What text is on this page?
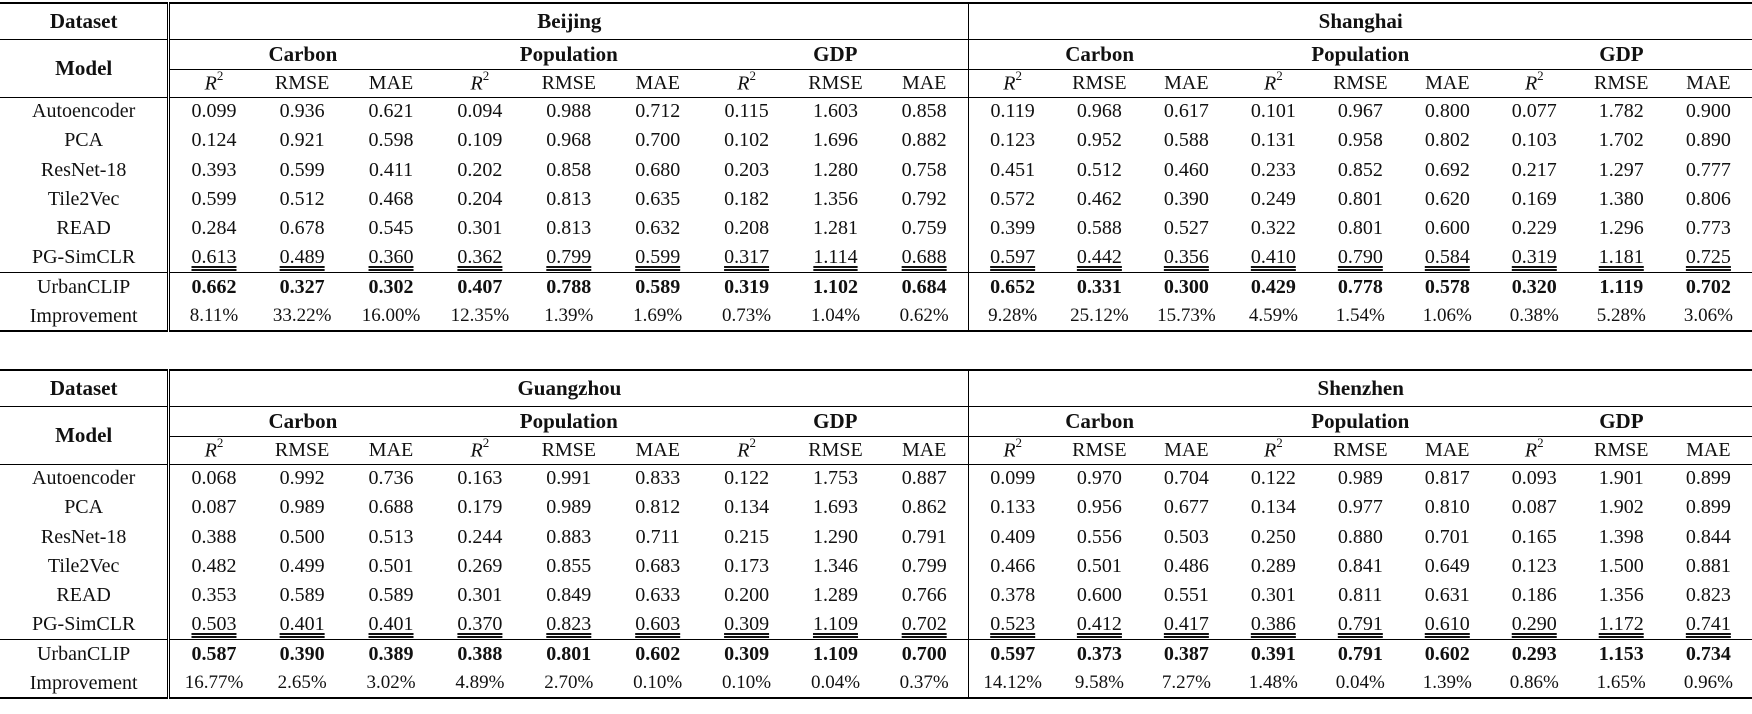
Dataset	Beijing									Shanghai								
Model	Carbon			Population			GDP			Carbon			Population			GDP		
	$R^2$	RMSE	MAE	$R^2$	RMSE	MAE	$R^2$	RMSE	MAE	$R^2$	RMSE	MAE	$R^2$	RMSE	MAE	$R^2$	RMSE	MAE
Autoencoder	0.099	0.936	0.621	0.094	0.988	0.712	0.115	1.603	0.858	0.119	0.968	0.617	0.101	0.967	0.800	0.077	1.782	0.900
PCA	0.124	0.921	0.598	0.109	0.968	0.700	0.102	1.696	0.882	0.123	0.952	0.588	0.131	0.958	0.802	0.103	1.702	0.890
ResNet-18	0.393	0.599	0.411	0.202	0.858	0.680	0.203	1.280	0.758	0.451	0.512	0.460	0.233	0.852	0.692	0.217	1.297	0.777
Tile2Vec	0.599	0.512	0.468	0.204	0.813	0.635	0.182	1.356	0.792	0.572	0.462	0.390	0.249	0.801	0.620	0.169	1.380	0.806
READ	0.284	0.678	0.545	0.301	0.813	0.632	0.208	1.281	0.759	0.399	0.588	0.527	0.322	0.801	0.600	0.229	1.296	0.773
PG-SimCLR	0.613	0.489	0.360	0.362	0.799	0.599	0.317	1.114	0.688	0.597	0.442	0.356	0.410	0.790	0.584	0.319	1.181	0.725
UrbanCLIP	0.662	0.327	0.302	0.407	0.788	0.589	0.319	1.102	0.684	0.652	0.331	0.300	0.429	0.778	0.578	0.320	1.119	0.702
Improvement	8.11%	33.22%	16.00%	12.35%	1.39%	1.69%	0.73%	1.04%	0.62%	9.28%	25.12%	15.73%	4.59%	1.54%	1.06%	0.38%	5.28%	3.06%
Dataset	Guangzhou									Shenzhen								
Model	Carbon			Population			GDP			Carbon			Population			GDP		
	$R^2$	RMSE	MAE	$R^2$	RMSE	MAE	$R^2$	RMSE	MAE	$R^2$	RMSE	MAE	$R^2$	RMSE	MAE	$R^2$	RMSE	MAE
Autoencoder	0.068	0.992	0.736	0.163	0.991	0.833	0.122	1.753	0.887	0.099	0.970	0.704	0.122	0.989	0.817	0.093	1.901	0.899
PCA	0.087	0.989	0.688	0.179	0.989	0.812	0.134	1.693	0.862	0.133	0.956	0.677	0.134	0.977	0.810	0.087	1.902	0.899
ResNet-18	0.388	0.500	0.513	0.244	0.883	0.711	0.215	1.290	0.791	0.409	0.556	0.503	0.250	0.880	0.701	0.165	1.398	0.844
Tile2Vec	0.482	0.499	0.501	0.269	0.855	0.683	0.173	1.346	0.799	0.466	0.501	0.486	0.289	0.841	0.649	0.123	1.500	0.881
READ	0.353	0.589	0.589	0.301	0.849	0.633	0.200	1.289	0.766	0.378	0.600	0.551	0.301	0.811	0.631	0.186	1.356	0.823
PG-SimCLR	0.503	0.401	0.401	0.370	0.823	0.603	0.309	1.109	0.702	0.523	0.412	0.417	0.386	0.791	0.610	0.290	1.172	0.741
UrbanCLIP	0.587	0.390	0.389	0.388	0.801	0.602	0.309	1.109	0.700	0.597	0.373	0.387	0.391	0.791	0.602	0.293	1.153	0.734
Improvement	16.77%	2.65%	3.02%	4.89%	2.70%	0.10%	0.10%	0.04%	0.37%	14.12%	9.58%	7.27%	1.48%	0.04%	1.39%	0.86%	1.65%	0.96%
